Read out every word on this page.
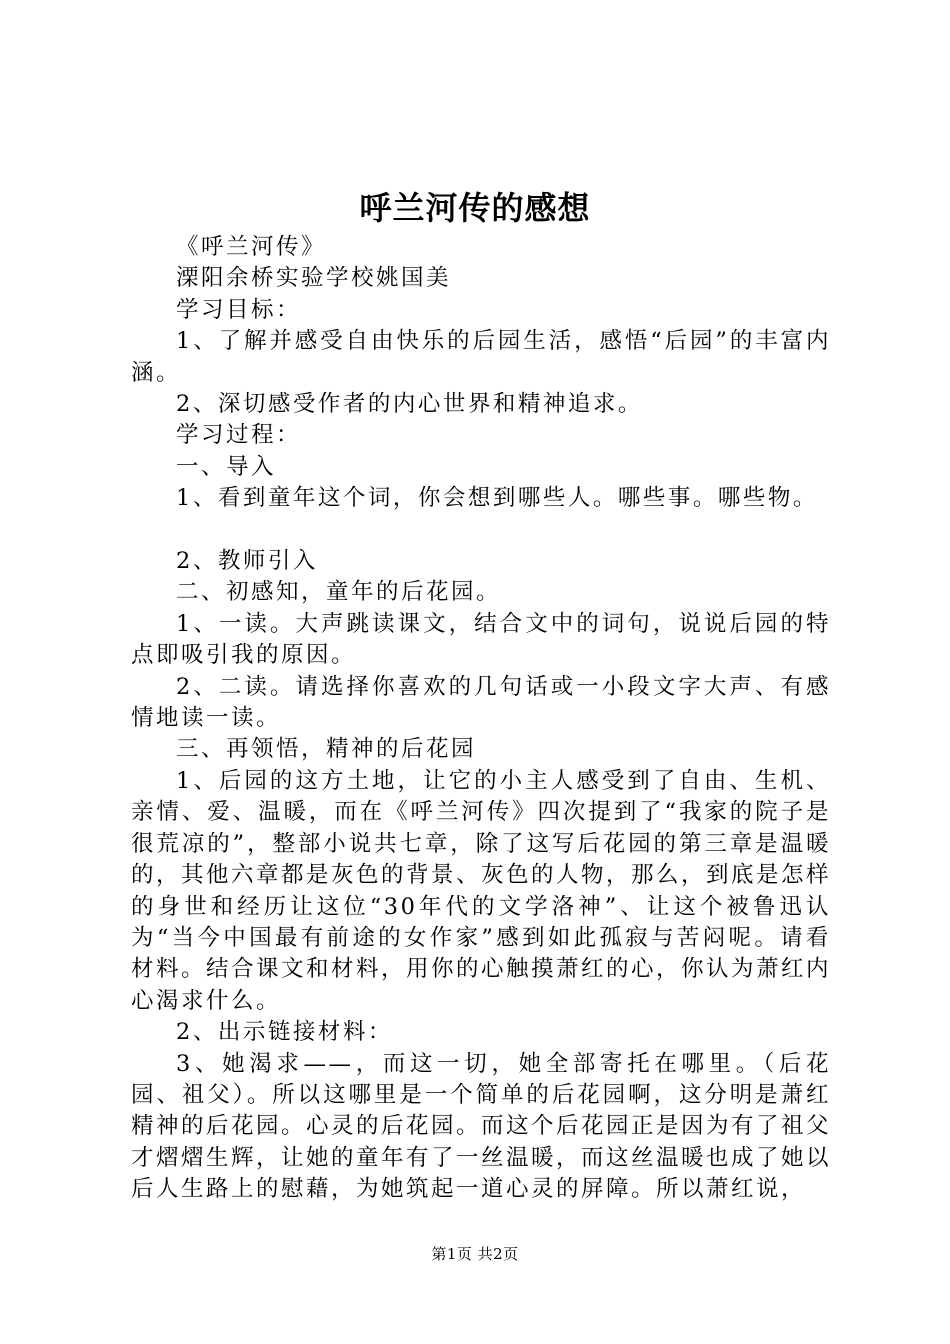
呼兰河传的感想

《呼兰河传》

溧阳余桥实验学校姚国美

学习目标：

1、了解并感受自由快乐的后园生活，感悟“后园”的丰富内涵。

2、深切感受作者的内心世界和精神追求。

学习过程：

一、导入

1、看到童年这个词，你会想到哪些人。哪些事。哪些物。

2、教师引入

二、初感知，童年的后花园。

1、一读。大声跳读课文，结合文中的词句，说说后园的特点即吸引我的原因。

2、二读。请选择你喜欢的几句话或一小段文字大声、有感情地读一读。

三、再领悟，精神的后花园

1、后园的这方土地，让它的小主人感受到了自由、生机、亲情、爱、温暖，而在《呼兰河传》四次提到了“我家的院子是很荒凉的”，整部小说共七章，除了这写后花园的第三章是温暖的，其他六章都是灰色的背景、灰色的人物，那么，到底是怎样的身世和经历让这位“30年代的文学洛神”、让这个被鲁迅认为“当今中国最有前途的女作家”感到如此孤寂与苦闷呢。请看材料。结合课文和材料，用你的心触摸萧红的心，你认为萧红内心渴求什么。

2、出示链接材料：

3、她渴求——，而这一切，她全部寄托在哪里。（后花园、祖父）。所以这哪里是一个简单的后花园啊，这分明是萧红精神的后花园。心灵的后花园。而这个后花园正是因为有了祖父才熠熠生辉，让她的童年有了一丝温暖，而这丝温暖也成了她以后人生路上的慰藉，为她筑起一道心灵的屏障。所以萧红说，

第1页 共2页
